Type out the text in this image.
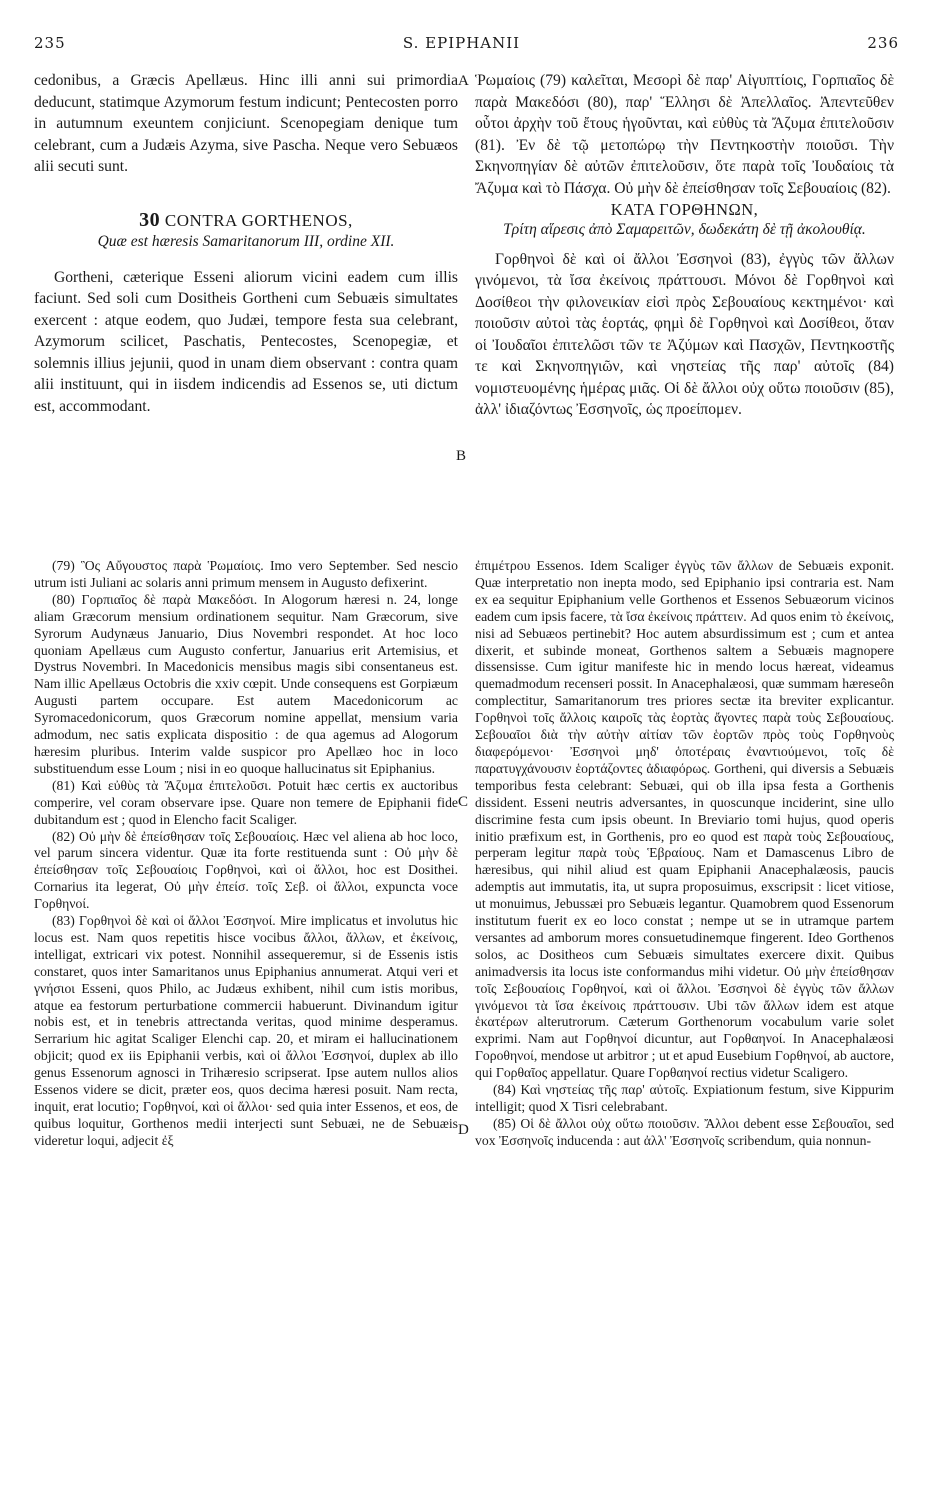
235	S. EPIPHANII	236
A
B
C
D

cedonibus, a Græcis Apellæus. Hinc illi anni sui primordia deducunt, statimque Azymorum festum indicunt; Pentecosten porro in autumnum exeuntem conjiciunt. Scenopegiam denique tum celebrant, cum a Judæis Azyma, sive Pascha. Neque vero Sebuæos alii secuti sunt.

30 CONTRA GORTHENOS,
Quæ est hæresis Samaritanorum III, ordine XII.

Gortheni, cæterique Esseni aliorum vicini eadem cum illis faciunt. Sed soli cum Dositheis Gortheni cum Sebuæis simultates exercent : atque eodem, quo Judæi, tempore festa sua celebrant, Azymorum scilicet, Paschatis, Pentecostes, Scenopegiæ, et solemnis illius jejunii, quod in unam diem observant : contra quam alii instituunt, qui in iisdem indicendis ad Essenos se, uti dictum est, accommodant.

Ῥωμαίοις (79) καλεῖται, Μεσορὶ δὲ παρ' Αἰγυπτίοις, Γορπιαῖος δὲ παρὰ Μακεδόσι (80), παρ' Ἕλλησι δὲ Ἀπελλαῖος. Ἀπεντεῦθεν οὗτοι ἀρχὴν τοῦ ἔτους ἡγοῦνται, καὶ εὐθὺς τὰ Ἄζυμα ἐπιτελοῦσιν (81). Ἐν δὲ τῷ μετοπώρῳ τὴν Πεντηκοστὴν ποιοῦσι. Τὴν Σκηνοπηγίαν δὲ αὐτῶν ἐπιτελοῦσιν, ὅτε παρὰ τοῖς Ἰουδαίοις τὰ Ἄζυμα καὶ τὸ Πάσχα. Οὐ μὴν δὲ ἐπείσθησαν τοῖς Σεβουαίοις (82).

ΚΑΤΑ ΓΟΡΘΗΝΩΝ,
Τρίτη αἵρεσις ἀπὸ Σαμαρειτῶν, δωδεκάτη δὲ τῇ ἀκολουθίᾳ.

Γορθηνοὶ δὲ καὶ οἱ ἄλλοι Ἐσσηνοὶ (83), ἐγγὺς τῶν ἄλλων γινόμενοι, τὰ ἴσα ἐκείνοις πράττουσι. Μόνοι δὲ Γορθηνοὶ καὶ Δοσίθεοι τὴν φιλονεικίαν εἰσὶ πρὸς Σεβουαίους κεκτημένοι· καὶ ποιοῦσιν αὐτοὶ τὰς ἑορτάς, φημὶ δὲ Γορθηνοὶ καὶ Δοσίθεοι, ὅταν οἱ Ἰουδαῖοι ἐπιτελῶσι τῶν τε Ἀζύμων καὶ Πασχῶν, Πεντηκοστῆς τε καὶ Σκηνοπηγιῶν, καὶ νηστείας τῆς παρ' αὐτοῖς (84) νομιστευομένης ἡμέρας μιᾶς. Οἱ δὲ ἄλλοι οὐχ οὕτω ποιοῦσιν (85), ἀλλ' ἰδιαζόντως Ἐσσηνοῖς, ὡς προείπομεν.

(79) Ὃς Αὔγουστος παρὰ Ῥωμαίοις. Imo vero September. Sed nescio utrum isti Juliani ac solaris anni primum mensem in Augusto defixerint.

(80) Γορπιαῖος δὲ παρὰ Μακεδόσι. In Alogorum hæresi n. 24, longe aliam Græcorum mensium ordinationem sequitur. Nam Græcorum, sive Syrorum Audynæus Januario, Dius Novembri respondet. At hoc loco quoniam Apellæus cum Augusto confertur, Januarius erit Artemisius, et Dystrus Novembri. In Macedonicis mensibus magis sibi consentaneus est. Nam illic Apellæus Octobris die xxiv cœpit. Unde consequens est Gorpiæum Augusti partem occupare. Est autem Macedonicorum ac Syromacedonicorum, quos Græcorum nomine appellat, mensium varia admodum, nec satis explicata dispositio : de qua agemus ad Alogorum hæresim pluribus. Interim valde suspicor pro Apellæo hoc in loco substituendum esse Loum ; nisi in eo quoque hallucinatus sit Epiphanius.

(81) Καὶ εὐθὺς τὰ Ἄζυμα ἐπιτελοῦσι. Potuit hæc certis ex auctoribus comperire, vel coram observare ipse. Quare non temere de Epiphanii fide dubitandum est ; quod in Elencho facit Scaliger.

(82) Οὐ μὴν δὲ ἐπείσθησαν τοῖς Σεβουαίοις. Hæc vel aliena ab hoc loco, vel parum sincera videntur. Quæ ita forte restituenda sunt : Οὐ μὴν δὲ ἐπείσθησαν τοῖς Σεβουαίοις Γορθηνοὶ, καὶ οἱ ἄλλοι, hoc est Dosithei. Cornarius ita legerat, Οὐ μὴν ἐπείσ. τοῖς Σεβ. οἱ ἄλλοι, expuncta voce Γορθηνοί.

(83) Γορθηνοὶ δὲ καὶ οἱ ἄλλοι Ἐσσηνοί. Mire implicatus et involutus hic locus est. Nam quos repetitis hisce vocibus ἄλλοι, ἄλλων, et ἐκείνοις, intelligat, extricari vix potest. Nonnihil assequeremur, si de Essenis istis constaret, quos inter Samaritanos unus Epiphanius annumerat. Atqui veri et γνήσιοι Esseni, quos Philo, ac Judæus exhibent, nihil cum istis moribus, atque ea festorum perturbatione commercii habuerunt. Divinandum igitur nobis est, et in tenebris attrectanda veritas, quod minime desperamus. Serrarium hic agitat Scaliger Elenchi cap. 20, et miram ei hallucinationem objicit; quod ex iis Epiphanii verbis, καὶ οἱ ἄλλοι Ἐσσηνοί, duplex ab illo genus Essenorum agnosci in Trihæresio scripserat. Ipse autem nullos alios Essenos videre se dicit, præter eos, quos decima hæresi posuit. Nam recta, inquit, erat locutio; Γορθηνοί, καὶ οἱ ἄλλοι· sed quia inter Essenos, et eos, de quibus loquitur, Gorthenos medii interjecti sunt Sebuæi, ne de Sebuæis videretur loqui, adjecit ἐξ

ἐπιμέτρου Essenos. Idem Scaliger ἐγγὺς τῶν ἄλλων de Sebuæis exponit. Quæ interpretatio non inepta modo, sed Epiphanio ipsi contraria est. Nam ex ea sequitur Epiphanium velle Gorthenos et Essenos Sebuæorum vicinos eadem cum ipsis facere, τὰ ἴσα ἐκείνοις πράττειν. Ad quos enim τὸ ἐκείνοις, nisi ad Sebuæos pertinebit? Hoc autem absurdissimum est ; cum et antea dixerit, et subinde moneat, Gorthenos saltem a Sebuæis magnopere dissensisse. Cum igitur manifeste hic in mendo locus hæreat, videamus quemadmodum recenseri possit. In Anacephalæosi, quæ summam hæreseôn complectitur, Samaritanorum tres priores sectæ ita breviter explicantur. Γορθηνοὶ τοῖς ἄλλοις καιροῖς τὰς ἑορτὰς ἄγοντες παρὰ τοὺς Σεβουαίους. Σεβουαῖοι διὰ τὴν αὐτὴν αἰτίαν τῶν ἑορτῶν πρὸς τοὺς Γορθηνοὺς διαφερόμενοι· Ἐσσηνοὶ μηδ' ὁποτέραις ἐναντιούμενοι, τοῖς δὲ παρατυγχάνουσιν ἑορτάζοντες ἀδιαφόρως. Gortheni, qui diversis a Sebuæis temporibus festa celebrant: Sebuæi, qui ob illa ipsa festa a Gorthenis dissident. Esseni neutris adversantes, in quoscunque inciderint, sine ullo discrimine festa cum ipsis obeunt. In Breviario tomi hujus, quod operis initio præfixum est, in Gorthenis, pro eo quod est παρὰ τοὺς Σεβουαίους, perperam legitur παρὰ τοὺς Ἑβραίους. Nam et Damascenus Libro de hæresibus, qui nihil aliud est quam Epiphanii Anacephalæosis, paucis ademptis aut immutatis, ita, ut supra proposuimus, exscripsit : licet vitiose, ut monuimus, Jebussæi pro Sebuæis legantur. Quamobrem quod Essenorum institutum fuerit ex eo loco constat ; nempe ut se in utramque partem versantes ad amborum mores consuetudinemque fingerent. Ideo Gorthenos solos, ac Dositheos cum Sebuæis simultates exercere dixit. Quibus animadversis ita locus iste conformandus mihi videtur. Οὐ μὴν ἐπείσθησαν τοῖς Σεβουαίοις Γορθηνοί, καὶ οἱ ἄλλοι. Ἐσσηνοὶ δὲ ἐγγὺς τῶν ἄλλων γινόμενοι τὰ ἴσα ἐκείνοις πράττουσιν. Ubi τῶν ἄλλων idem est atque ἑκατέρων alterutrorum. Cæterum Gorthenorum vocabulum varie solet exprimi. Nam aut Γορθηνοί dicuntur, aut Γορθαηνοί. In Anacephalæosi Γοροθηνοί, mendose ut arbitror ; ut et apud Eusebium Γορθηνοί, ab auctore, qui Γορθαῖος appellatur. Quare Γορθαηνοί rectius videtur Scaligero.

(84) Καὶ νηστείας τῆς παρ' αὐτοῖς. Expiationum festum, sive Kippurim intelligit; quod X Tisri celebrabant.

(85) Οἱ δὲ ἄλλοι οὐχ οὕτω ποιοῦσιν. Ἄλλοι debent esse Σεβουαῖοι, sed vox Ἐσσηνοῖς inducenda : aut ἀλλ' Ἐσσηνοῖς scribendum, quia nonnun-
